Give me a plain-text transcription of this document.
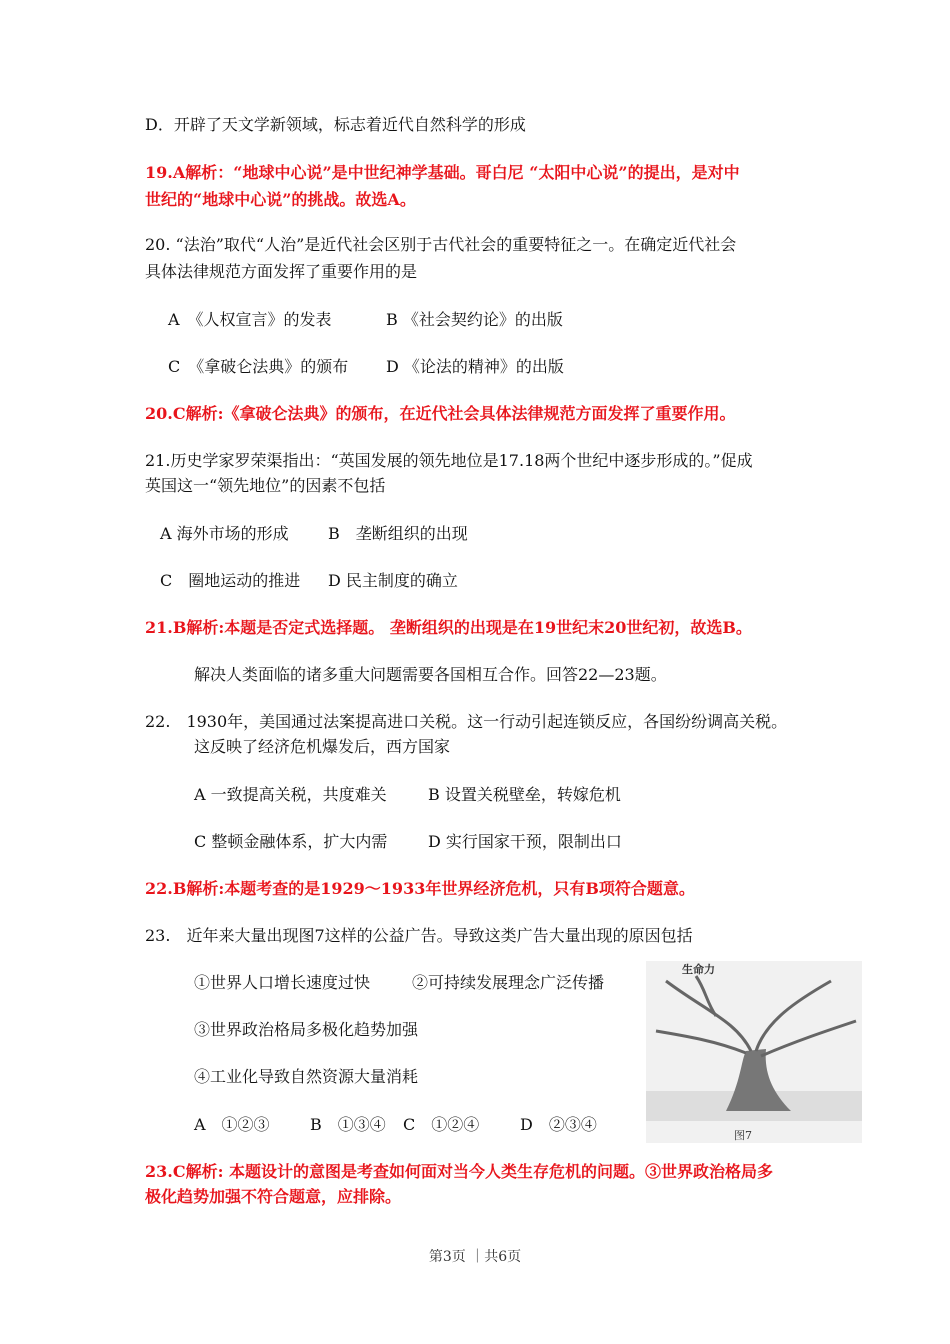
D．开辟了天文学新领域，标志着近代自然科学的形成
19.A解析：“地球中心说”是中世纪神学基础。哥白尼 “太阳中心说”的提出，是对中
世纪的“地球中心说”的挑战。故选A。
20. “法治”取代“人治”是近代社会区别于古代社会的重要特征之一。在确定近代社会
具体法律规范方面发挥了重要作用的是
A　《人权宣言》的发表	B 《社会契约论》的出版
C　《拿破仑法典》的颁布 D 《论法的精神》的出版
20.C解析:《拿破仑法典》的颁布，在近代社会具体法律规范方面发挥了重要作用。
21.历史学家罗荣渠指出：“英国发展的领先地位是17.18两个世纪中逐步形成的。”促成
英国这一“领先地位”的因素不包括
A 海外市场的形成 B　垄断组织的出现
C　圈地运动的推进 D 民主制度的确立
21.B解析:本题是否定式选择题。 垄断组织的出现是在19世纪末20世纪初，故选B。
解决人类面临的诸多重大问题需要各国相互合作。回答22—23题。
22.　1930年，美国通过法案提高进口关税。这一行动引起连锁反应，各国纷纷调高关税。
这反映了经济危机爆发后，西方国家
A 一致提高关税，共度难关	B 设置关税壁垒，转嫁危机
C 整顿金融体系，扩大内需	D 实行国家干预，限制出口
22.B解析:本题考查的是1929～1933年世界经济危机，只有B项符合题意。
23.　近年来大量出现图7这样的公益广告。导致这类广告大量出现的原因包括
①世界人口增长速度过快	②可持续发展理念广泛传播
③世界政治格局多极化趋势加强
④工业化导致自然资源大量消耗
A　①②③	B　①③④ C　①②④	D　②③④
生命力
图7
23.C解析: 本题设计的意图是考查如何面对当今人类生存危机的问题。③世界政治格局多
极化趋势加强不符合题意，应排除。
第3页 ｜共6页
